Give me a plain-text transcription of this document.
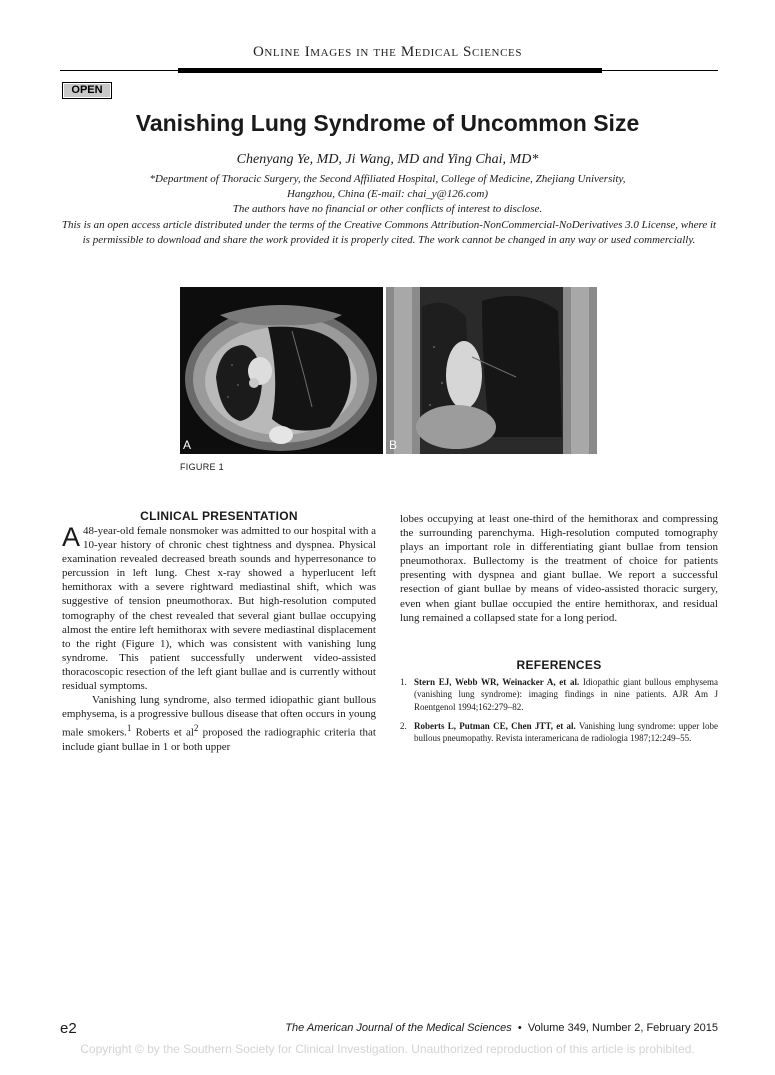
Online Images in the Medical Sciences
OPEN
Vanishing Lung Syndrome of Uncommon Size
Chenyang Ye, MD, Ji Wang, MD and Ying Chai, MD*
*Department of Thoracic Surgery, the Second Affiliated Hospital, College of Medicine, Zhejiang University, Hangzhou, China (E-mail: chai_y@126.com)
The authors have no financial or other conflicts of interest to disclose.
This is an open access article distributed under the terms of the Creative Commons Attribution-NonCommercial-NoDerivatives 3.0 License, where it is permissible to download and share the work provided it is properly cited. The work cannot be changed in any way or used commercially.
A	B
FIGURE 1
CLINICAL PRESENTATION

A 48-year-old female nonsmoker was admitted to our hospital with a 10-year history of chronic chest tightness and dyspnea. Physical examination revealed decreased breath sounds and hyperresonance to percussion in left lung. Chest x-ray showed a hyperlucent left hemithorax with a severe rightward mediastinal shift, which was suggestive of tension pneumothorax. But high-resolution computed tomography of the chest revealed that several giant bullae occupying almost the entire left hemithorax with severe mediastinal displacement to the right (Figure 1), which was consistent with vanishing lung syndrome. This patient successfully underwent video-assisted thoracoscopic resection of the left giant bullae and is currently without residual symptoms.

Vanishing lung syndrome, also termed idiopathic giant bullous emphysema, is a progressive bullous disease that often occurs in young male smokers.$^1$ Roberts et $al^2$ proposed the radiographic criteria that include giant bullae in 1 or both upper

lobes occupying at least one-third of the hemithorax and compressing the surrounding parenchyma. High-resolution computed tomography plays an important role in differentiating giant bullae from tension pneumothorax. Bullectomy is the treatment of choice for patients presenting with dyspnea and giant bullae. We report a successful resection of giant bullae by means of video-assisted thoracic surgery, even when giant bullae occupied the entire hemithorax, and residual lung remained a collapsed state for a long period.

REFERENCES
1. Stern EJ, Webb WR, Weinacker A, et al. Idiopathic giant bullous emphysema (vanishing lung syndrome): imaging findings in nine patients. AJR Am J Roentgenol 1994;162:279–82.
2. Roberts L, Putman CE, Chen JTT, et al. Vanishing lung syndrome: upper lobe bullous pneumopathy. Revista interamericana de radiologia 1987;12:249–55.
e2	The American Journal of the Medical Sciences • Volume 349, Number 2, February 2015
Copyright © by the Southern Society for Clinical Investigation. Unauthorized reproduction of this article is prohibited.
